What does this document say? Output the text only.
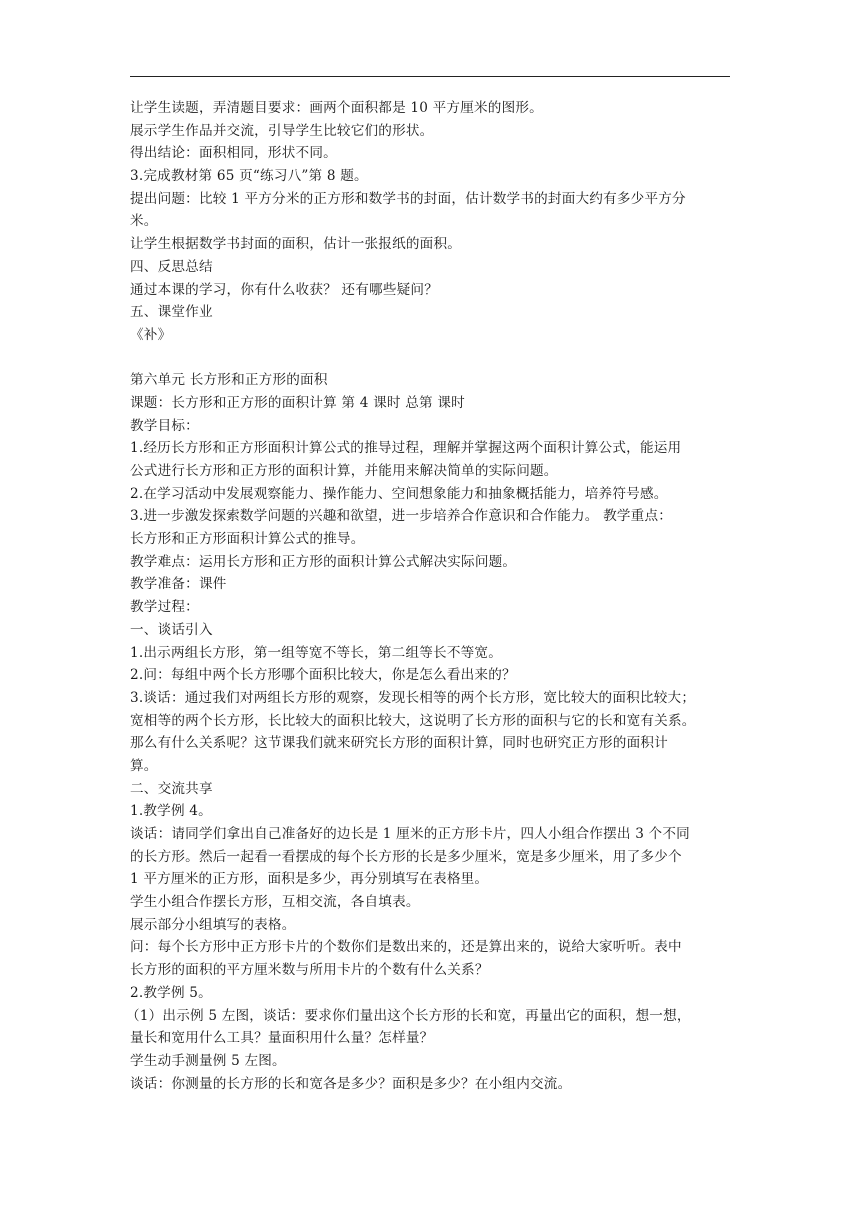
让学生读题，弄清题目要求：画两个面积都是 10 平方厘米的图形。
展示学生作品并交流，引导学生比较它们的形状。
得出结论：面积相同，形状不同。
3.完成教材第 65 页“练习八”第 8 题。
提出问题：比较 1 平方分米的正方形和数学书的封面，估计数学书的封面大约有多少平方分
米。
让学生根据数学书封面的面积，估计一张报纸的面积。
四、反思总结
通过本课的学习，你有什么收获？ 还有哪些疑问？
五、课堂作业
《补》
第六单元 长方形和正方形的面积
课题：长方形和正方形的面积计算 第 4 课时 总第 课时
教学目标：
1.经历长方形和正方形面积计算公式的推导过程，理解并掌握这两个面积计算公式，能运用
公式进行长方形和正方形的面积计算，并能用来解决简单的实际问题。
2.在学习活动中发展观察能力、操作能力、空间想象能力和抽象概括能力，培养符号感。
3.进一步激发探索数学问题的兴趣和欲望，进一步培养合作意识和合作能力。 教学重点：
长方形和正方形面积计算公式的推导。
教学难点：运用长方形和正方形的面积计算公式解决实际问题。
教学准备：课件
教学过程：
一、谈话引入
1.出示两组长方形，第一组等宽不等长，第二组等长不等宽。
2.问：每组中两个长方形哪个面积比较大，你是怎么看出来的？
3.谈话：通过我们对两组长方形的观察，发现长相等的两个长方形，宽比较大的面积比较大；
宽相等的两个长方形，长比较大的面积比较大，这说明了长方形的面积与它的长和宽有关系。
那么有什么关系呢？这节课我们就来研究长方形的面积计算，同时也研究正方形的面积计
算。
二、交流共享
1.教学例 4。
谈话：请同学们拿出自己准备好的边长是 1 厘米的正方形卡片，四人小组合作摆出 3 个不同
的长方形。然后一起看一看摆成的每个长方形的长是多少厘米，宽是多少厘米，用了多少个
1 平方厘米的正方形，面积是多少，再分别填写在表格里。
学生小组合作摆长方形，互相交流，各自填表。
展示部分小组填写的表格。
问：每个长方形中正方形卡片的个数你们是数出来的，还是算出来的，说给大家听听。表中
长方形的面积的平方厘米数与所用卡片的个数有什么关系？
2.教学例 5。
（1）出示例 5 左图，谈话：要求你们量出这个长方形的长和宽，再量出它的面积，想一想，
量长和宽用什么工具？量面积用什么量？怎样量？
学生动手测量例 5 左图。
谈话：你测量的长方形的长和宽各是多少？面积是多少？在小组内交流。
